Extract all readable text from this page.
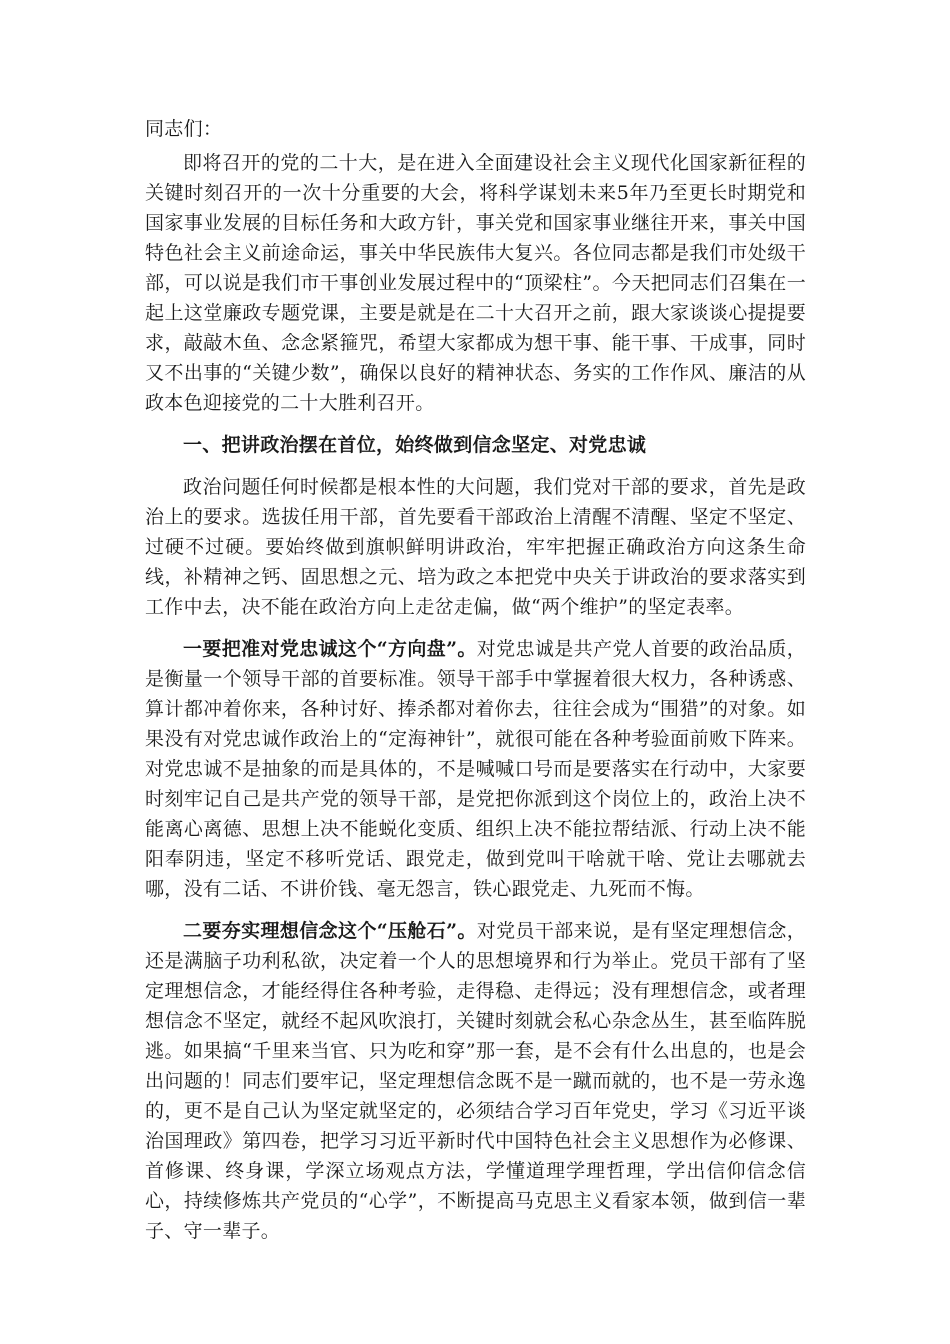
同志们：

即将召开的党的二十大，是在进入全面建设社会主义现代化国家新征程的关键时刻召开的一次十分重要的大会，将科学谋划未来5年乃至更长时期党和国家事业发展的目标任务和大政方针，事关党和国家事业继往开来，事关中国特色社会主义前途命运，事关中华民族伟大复兴。各位同志都是我们市处级干部，可以说是我们市干事创业发展过程中的“顶梁柱”。今天把同志们召集在一起上这堂廉政专题党课，主要是就是在二十大召开之前，跟大家谈谈心提提要求，敲敲木鱼、念念紧箍咒，希望大家都成为想干事、能干事、干成事，同时又不出事的“关键少数”，确保以良好的精神状态、务实的工作作风、廉洁的从政本色迎接党的二十大胜利召开。

一、把讲政治摆在首位，始终做到信念坚定、对党忠诚

政治问题任何时候都是根本性的大问题，我们党对干部的要求，首先是政治上的要求。选拔任用干部，首先要看干部政治上清醒不清醒、坚定不坚定、过硬不过硬。要始终做到旗帜鲜明讲政治，牢牢把握正确政治方向这条生命线，补精神之钙、固思想之元、培为政之本把党中央关于讲政治的要求落实到工作中去，决不能在政治方向上走岔走偏，做“两个维护”的坚定表率。

一要把准对党忠诚这个“方向盘”。对党忠诚是共产党人首要的政治品质，是衡量一个领导干部的首要标准。领导干部手中掌握着很大权力，各种诱惑、算计都冲着你来，各种讨好、捧杀都对着你去，往往会成为“围猎”的对象。如果没有对党忠诚作政治上的“定海神针”，就很可能在各种考验面前败下阵来。对党忠诚不是抽象的而是具体的，不是喊喊口号而是要落实在行动中，大家要时刻牢记自己是共产党的领导干部，是党把你派到这个岗位上的，政治上决不能离心离德、思想上决不能蜕化变质、组织上决不能拉帮结派、行动上决不能阳奉阴违，坚定不移听党话、跟党走，做到党叫干啥就干啥、党让去哪就去哪，没有二话、不讲价钱、毫无怨言，铁心跟党走、九死而不悔。

二要夯实理想信念这个“压舱石”。对党员干部来说，是有坚定理想信念，还是满脑子功利私欲，决定着一个人的思想境界和行为举止。党员干部有了坚定理想信念，才能经得住各种考验，走得稳、走得远；没有理想信念，或者理想信念不坚定，就经不起风吹浪打，关键时刻就会私心杂念丛生，甚至临阵脱逃。如果搞“千里来当官、只为吃和穿”那一套，是不会有什么出息的，也是会出问题的！同志们要牢记，坚定理想信念既不是一蹴而就的，也不是一劳永逸的，更不是自己认为坚定就坚定的，必须结合学习百年党史，学习《习近平谈治国理政》第四卷，把学习习近平新时代中国特色社会主义思想作为必修课、首修课、终身课，学深立场观点方法，学懂道理学理哲理，学出信仰信念信心，持续修炼共产党员的“心学”，不断提高马克思主义看家本领，做到信一辈子、守一辈子。
